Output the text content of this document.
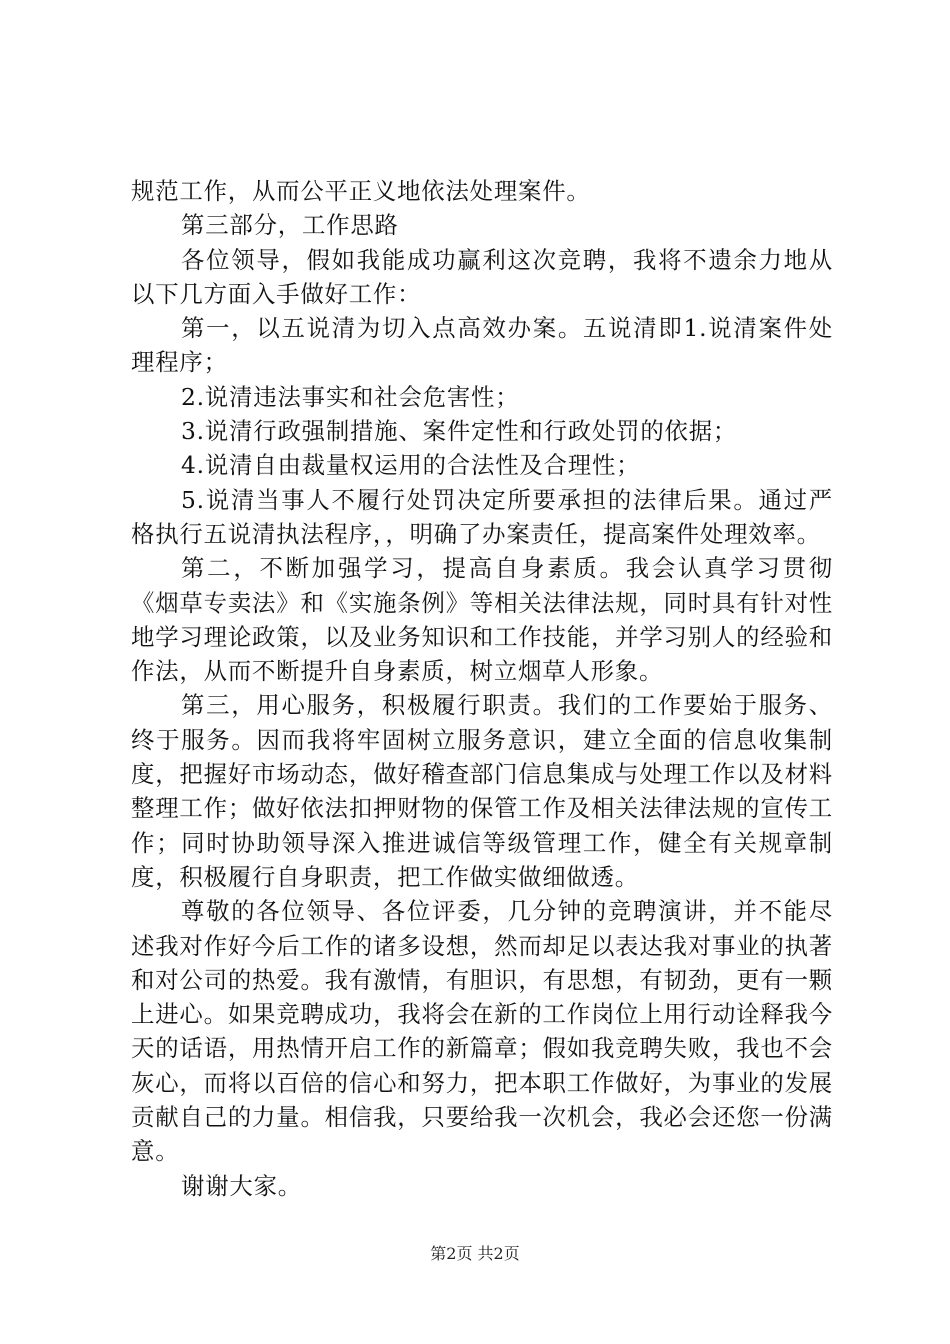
规范工作，从而公平正义地依法处理案件。

第三部分，工作思路

各位领导，假如我能成功赢利这次竞聘，我将不遗余力地从以下几方面入手做好工作：

第一，以五说清为切入点高效办案。五说清即1.说清案件处理程序；

2.说清违法事实和社会危害性；

3.说清行政强制措施、案件定性和行政处罚的依据；

4.说清自由裁量权运用的合法性及合理性；

5.说清当事人不履行处罚决定所要承担的法律后果。通过严格执行五说清执法程序，，明确了办案责任，提高案件处理效率。

第二，不断加强学习，提高自身素质。我会认真学习贯彻《烟草专卖法》和《实施条例》等相关法律法规，同时具有针对性地学习理论政策，以及业务知识和工作技能，并学习别人的经验和作法，从而不断提升自身素质，树立烟草人形象。

第三，用心服务，积极履行职责。我们的工作要始于服务、终于服务。因而我将牢固树立服务意识，建立全面的信息收集制度，把握好市场动态，做好稽查部门信息集成与处理工作以及材料整理工作；做好依法扣押财物的保管工作及相关法律法规的宣传工作；同时协助领导深入推进诚信等级管理工作，健全有关规章制度，积极履行自身职责，把工作做实做细做透。

尊敬的各位领导、各位评委，几分钟的竞聘演讲，并不能尽述我对作好今后工作的诸多设想，然而却足以表达我对事业的执著和对公司的热爱。我有激情，有胆识，有思想，有韧劲，更有一颗上进心。如果竞聘成功，我将会在新的工作岗位上用行动诠释我今天的话语，用热情开启工作的新篇章；假如我竞聘失败，我也不会灰心，而将以百倍的信心和努力，把本职工作做好，为事业的发展贡献自己的力量。相信我，只要给我一次机会，我必会还您一份满意。

谢谢大家。

第2页 共2页
